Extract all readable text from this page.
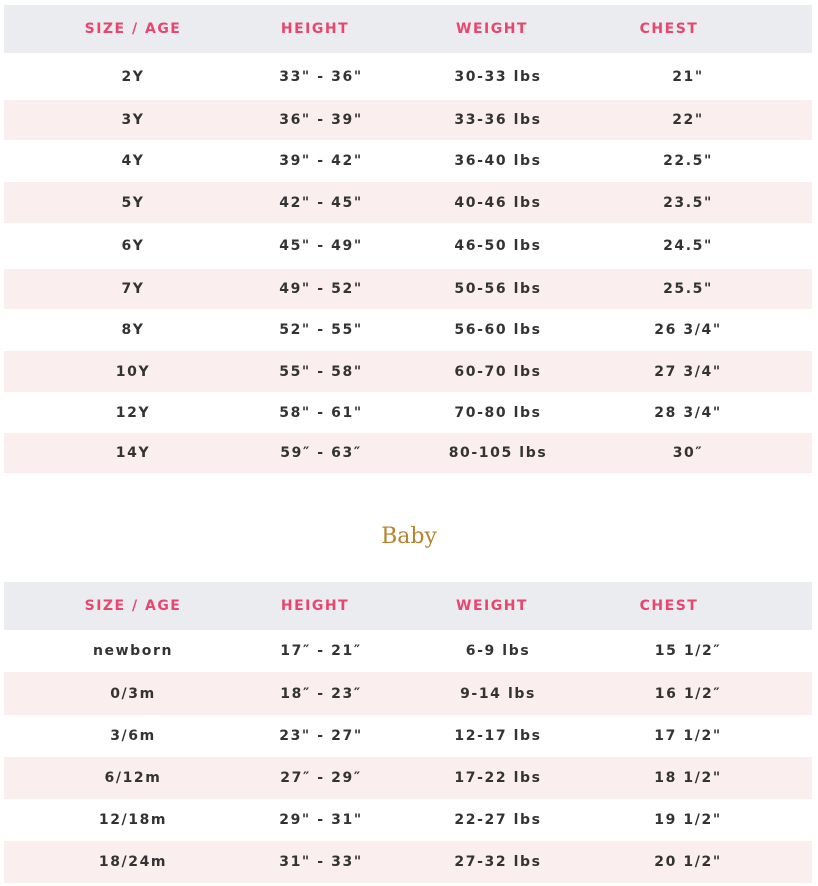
SIZE / AGE	HEIGHT	WEIGHT	CHEST
2Y	33" - 36"	30-33 lbs	21"
3Y	36" - 39"	33-36 lbs	22"
4Y	39" - 42"	36-40 lbs	22.5"
5Y	42" - 45"	40-46 lbs	23.5"
6Y	45" - 49"	46-50 lbs	24.5"
7Y	49" - 52"	50-56 lbs	25.5"
8Y	52" - 55"	56-60 lbs	26 3/4"
10Y	55" - 58"	60-70 lbs	27 3/4"
12Y	58" - 61"	70-80 lbs	28 3/4"
14Y	59″ - 63″	80-105 lbs	30″
Baby
SIZE / AGE	HEIGHT	WEIGHT	CHEST
newborn	17″ - 21″	6-9 lbs	15 1/2″
0/3m	18″ - 23″	9-14 lbs	16 1/2″
3/6m	23" - 27"	12-17 lbs	17 1/2"
6/12m	27″ - 29″	17-22 lbs	18 1/2"
12/18m	29" - 31"	22-27 lbs	19 1/2"
18/24m	31" - 33"	27-32 lbs	20 1/2"
